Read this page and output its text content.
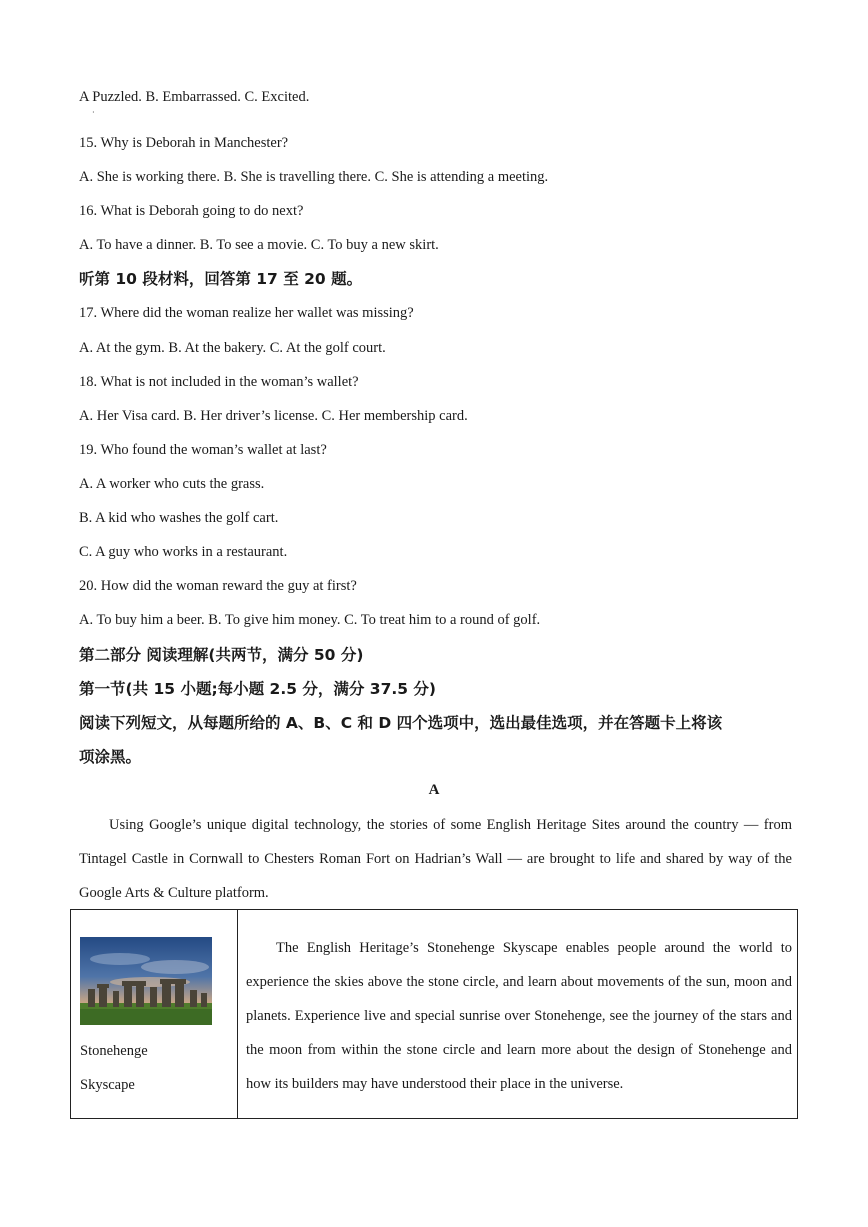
A Puzzled. B. Embarrassed. C. Excited.
·
15. Why is Deborah in Manchester?
A. She is working there. B. She is travelling there. C. She is attending a meeting.
16. What is Deborah going to do next?
A. To have a dinner. B. To see a movie. C. To buy a new skirt.
听第 10 段材料，回答第 17 至 20 题。
17. Where did the woman realize her wallet was missing?
A. At the gym. B. At the bakery. C. At the golf court.
18. What is not included in the woman’s wallet?
A. Her Visa card. B. Her driver’s license. C. Her membership card.
19. Who found the woman’s wallet at last?
A. A worker who cuts the grass.
B. A kid who washes the golf cart.
C. A guy who works in a restaurant.
20. How did the woman reward the guy at first?
A. To buy him a beer. B. To give him money. C. To treat him to a round of golf.
第二部分 阅读理解(共两节，满分 50 分)
第一节(共 15 小题;每小题 2.5 分，满分 37.5 分)
阅读下列短文，从每题所给的 A、B、C 和 D 四个选项中，选出最佳选项，并在答题卡上将该
项涂黑。
A
Using Google’s unique digital technology, the stories of some English Heritage Sites around the country — from Tintagel Castle in Cornwall to Chesters Roman Fort on Hadrian’s Wall — are brought to life and shared by way of the Google Arts & Culture platform.
Stonehenge
Skyscape

The English Heritage’s Stonehenge Skyscape enables people around the world to experience the skies above the stone circle, and learn about movements of the sun, moon and planets. Experience live and special sunrise over Stonehenge, see the journey of the stars and the moon from within the stone circle and learn more about the design of Stonehenge and how its builders may have understood their place in the universe.
